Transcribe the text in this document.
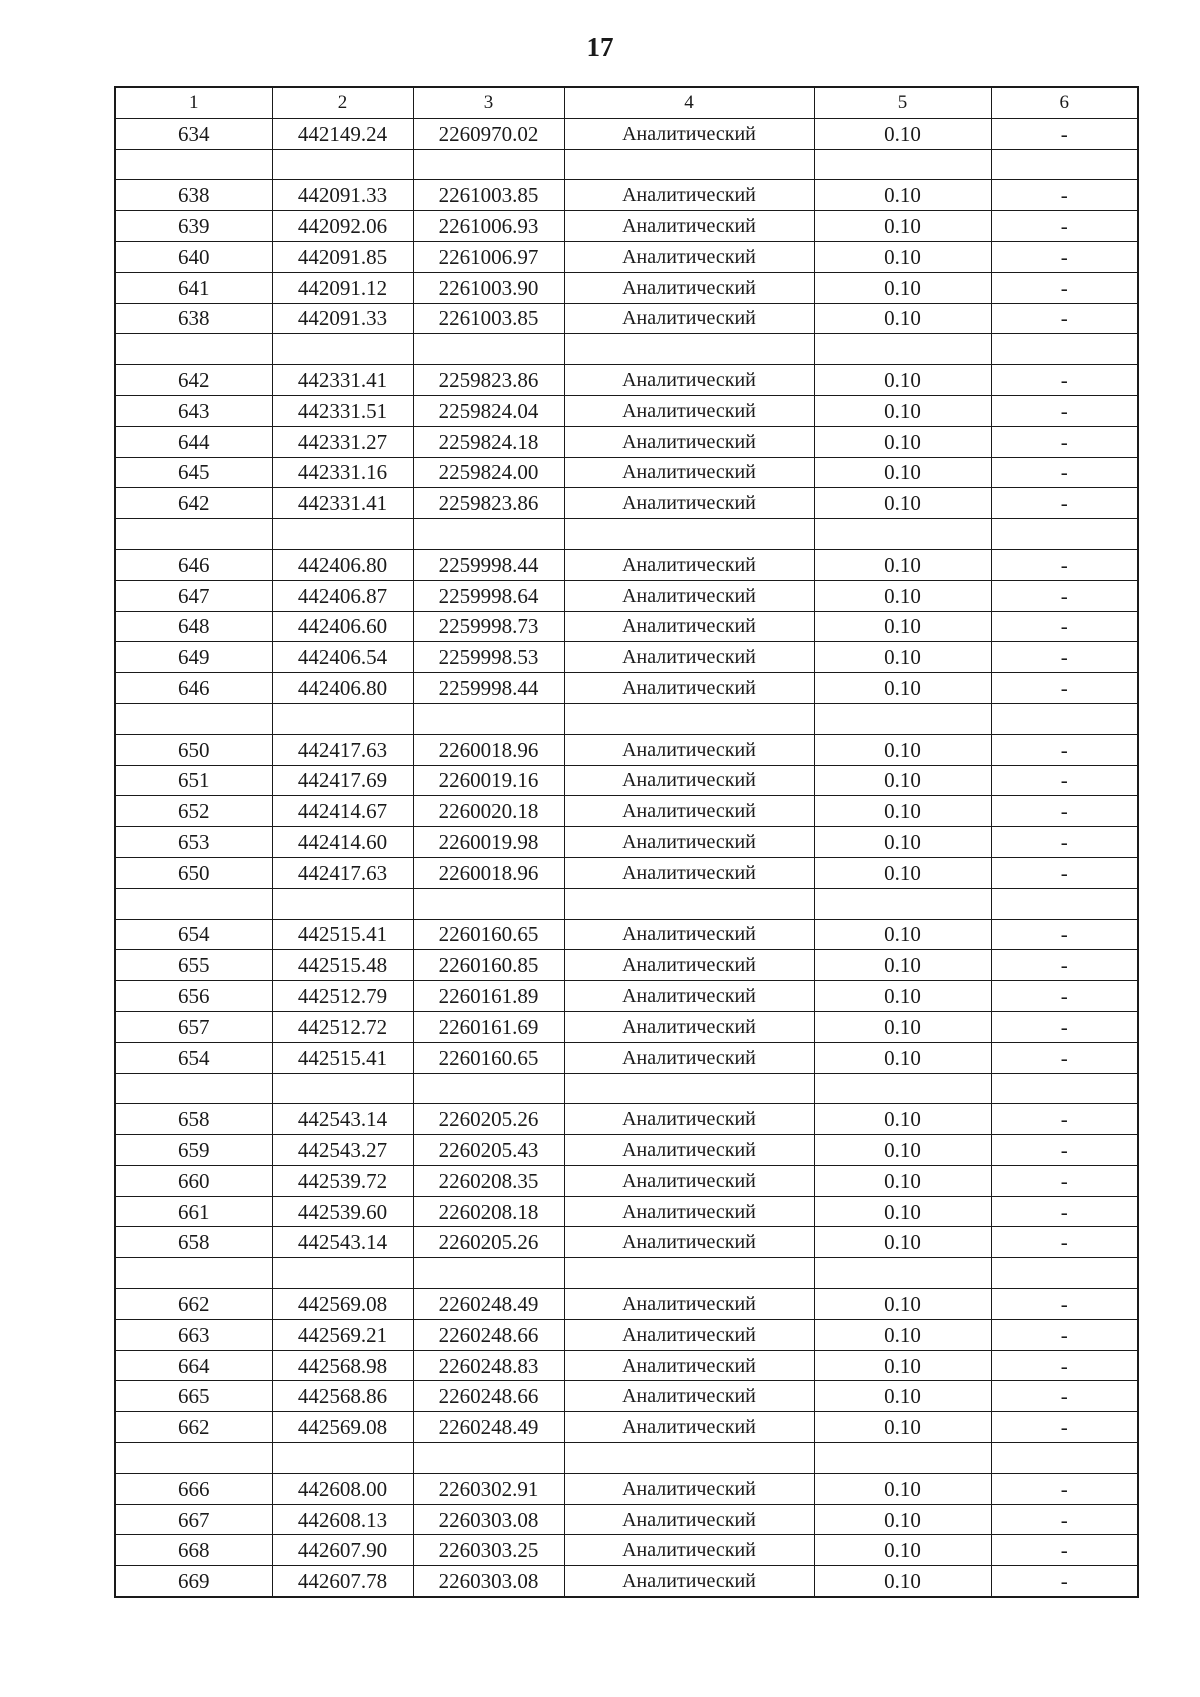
17
1	2	3	4	5	6
634	442149.24	2260970.02	Аналитический	0.10	-

638	442091.33	2261003.85	Аналитический	0.10	-
639	442092.06	2261006.93	Аналитический	0.10	-
640	442091.85	2261006.97	Аналитический	0.10	-
641	442091.12	2261003.90	Аналитический	0.10	-
638	442091.33	2261003.85	Аналитический	0.10	-

642	442331.41	2259823.86	Аналитический	0.10	-
643	442331.51	2259824.04	Аналитический	0.10	-
644	442331.27	2259824.18	Аналитический	0.10	-
645	442331.16	2259824.00	Аналитический	0.10	-
642	442331.41	2259823.86	Аналитический	0.10	-

646	442406.80	2259998.44	Аналитический	0.10	-
647	442406.87	2259998.64	Аналитический	0.10	-
648	442406.60	2259998.73	Аналитический	0.10	-
649	442406.54	2259998.53	Аналитический	0.10	-
646	442406.80	2259998.44	Аналитический	0.10	-

650	442417.63	2260018.96	Аналитический	0.10	-
651	442417.69	2260019.16	Аналитический	0.10	-
652	442414.67	2260020.18	Аналитический	0.10	-
653	442414.60	2260019.98	Аналитический	0.10	-
650	442417.63	2260018.96	Аналитический	0.10	-

654	442515.41	2260160.65	Аналитический	0.10	-
655	442515.48	2260160.85	Аналитический	0.10	-
656	442512.79	2260161.89	Аналитический	0.10	-
657	442512.72	2260161.69	Аналитический	0.10	-
654	442515.41	2260160.65	Аналитический	0.10	-

658	442543.14	2260205.26	Аналитический	0.10	-
659	442543.27	2260205.43	Аналитический	0.10	-
660	442539.72	2260208.35	Аналитический	0.10	-
661	442539.60	2260208.18	Аналитический	0.10	-
658	442543.14	2260205.26	Аналитический	0.10	-

662	442569.08	2260248.49	Аналитический	0.10	-
663	442569.21	2260248.66	Аналитический	0.10	-
664	442568.98	2260248.83	Аналитический	0.10	-
665	442568.86	2260248.66	Аналитический	0.10	-
662	442569.08	2260248.49	Аналитический	0.10	-

666	442608.00	2260302.91	Аналитический	0.10	-
667	442608.13	2260303.08	Аналитический	0.10	-
668	442607.90	2260303.25	Аналитический	0.10	-
669	442607.78	2260303.08	Аналитический	0.10	-
